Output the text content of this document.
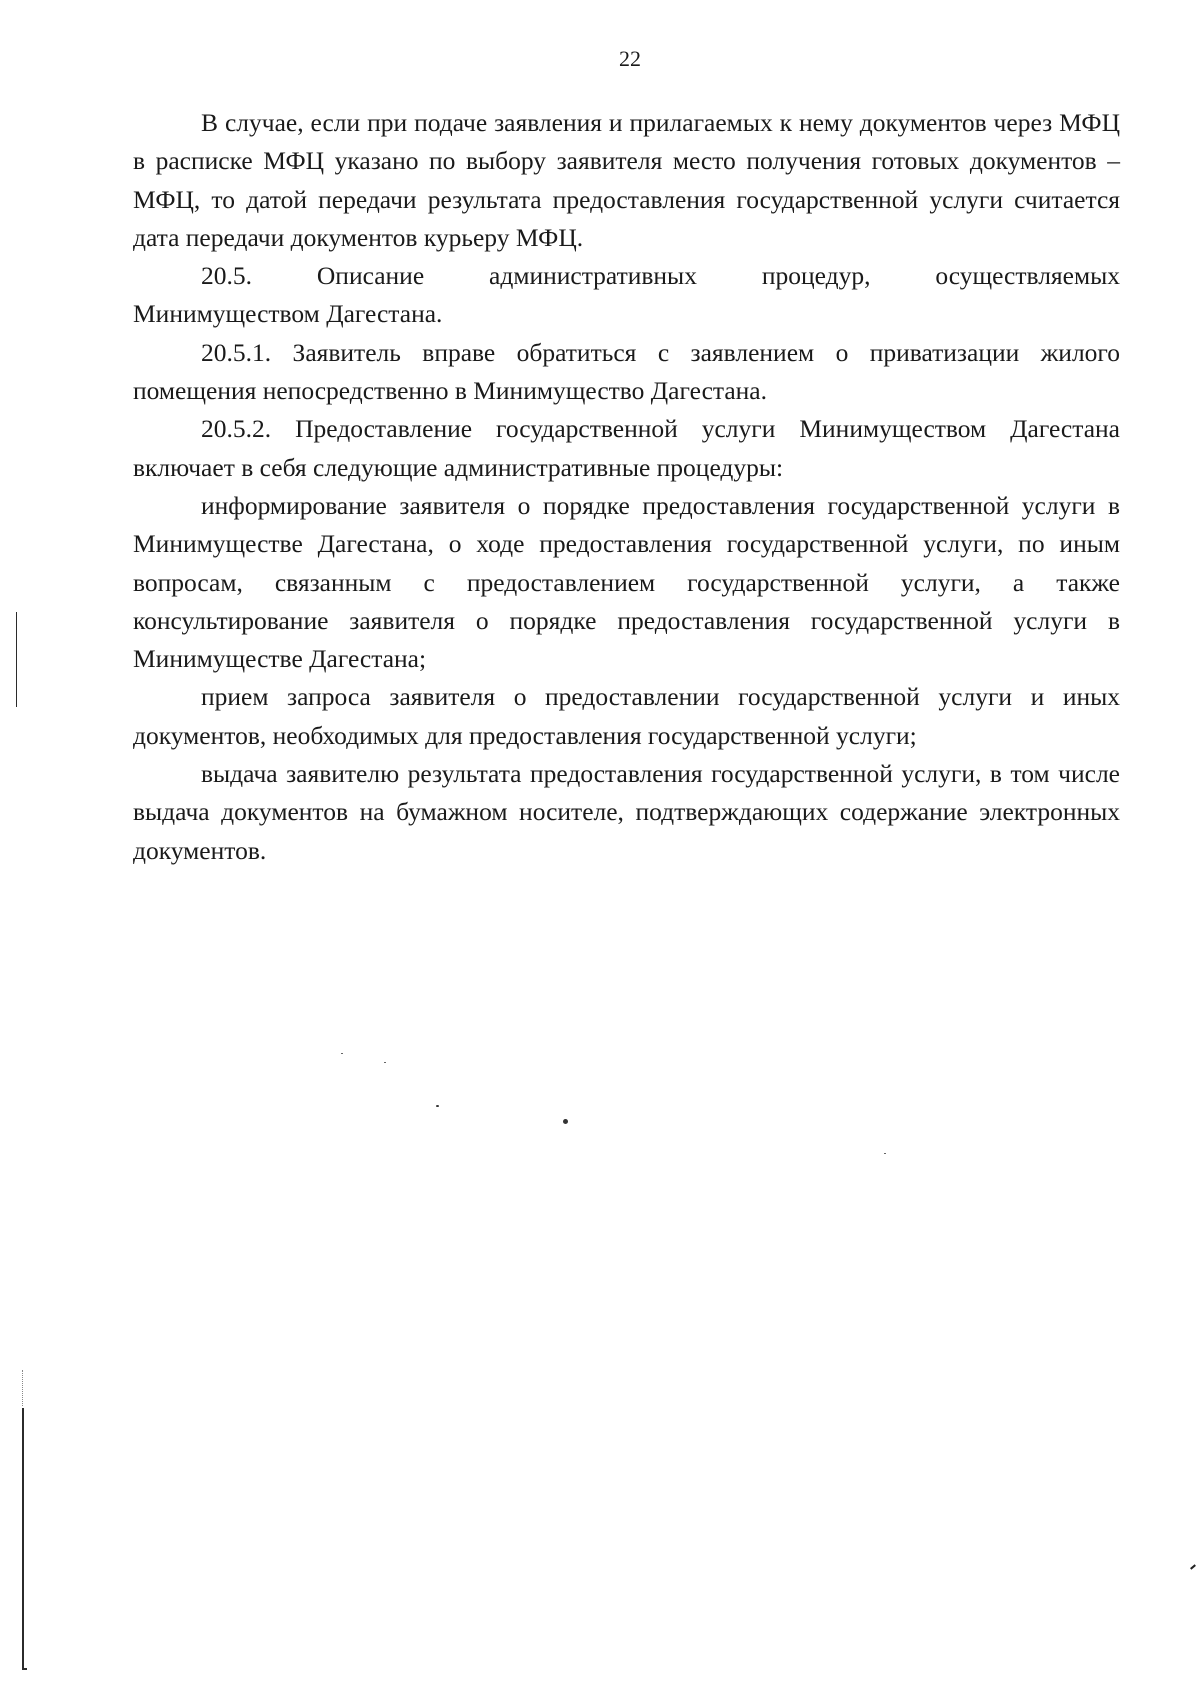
22

В случае, если при подаче заявления и прилагаемых к нему документов через МФЦ в расписке МФЦ указано по выбору заявителя место получения готовых документов – МФЦ, то датой передачи результата предоставления государственной услуги считается дата передачи документов курьеру МФЦ.

20.5. Описание административных процедур, осуществляемых

Минимуществом Дагестана.

20.5.1. Заявитель вправе обратиться с заявлением о приватизации жилого помещения непосредственно в Минимущество Дагестана.

20.5.2. Предоставление государственной услуги Минимуществом Дагестана включает в себя следующие административные процедуры:

информирование заявителя о порядке предоставления государственной услуги в Минимуществе Дагестана, о ходе предоставления государственной услуги, по иным вопросам, связанным с предоставлением государственной услуги, а также консультирование заявителя о порядке предоставления государственной услуги в Минимуществе Дагестана;

прием запроса заявителя о предоставлении государственной услуги и иных документов, необходимых для предоставления государственной услуги;

выдача заявителю результата предоставления государственной услуги, в том числе выдача документов на бумажном носителе, подтверждающих содержание электронных документов.
